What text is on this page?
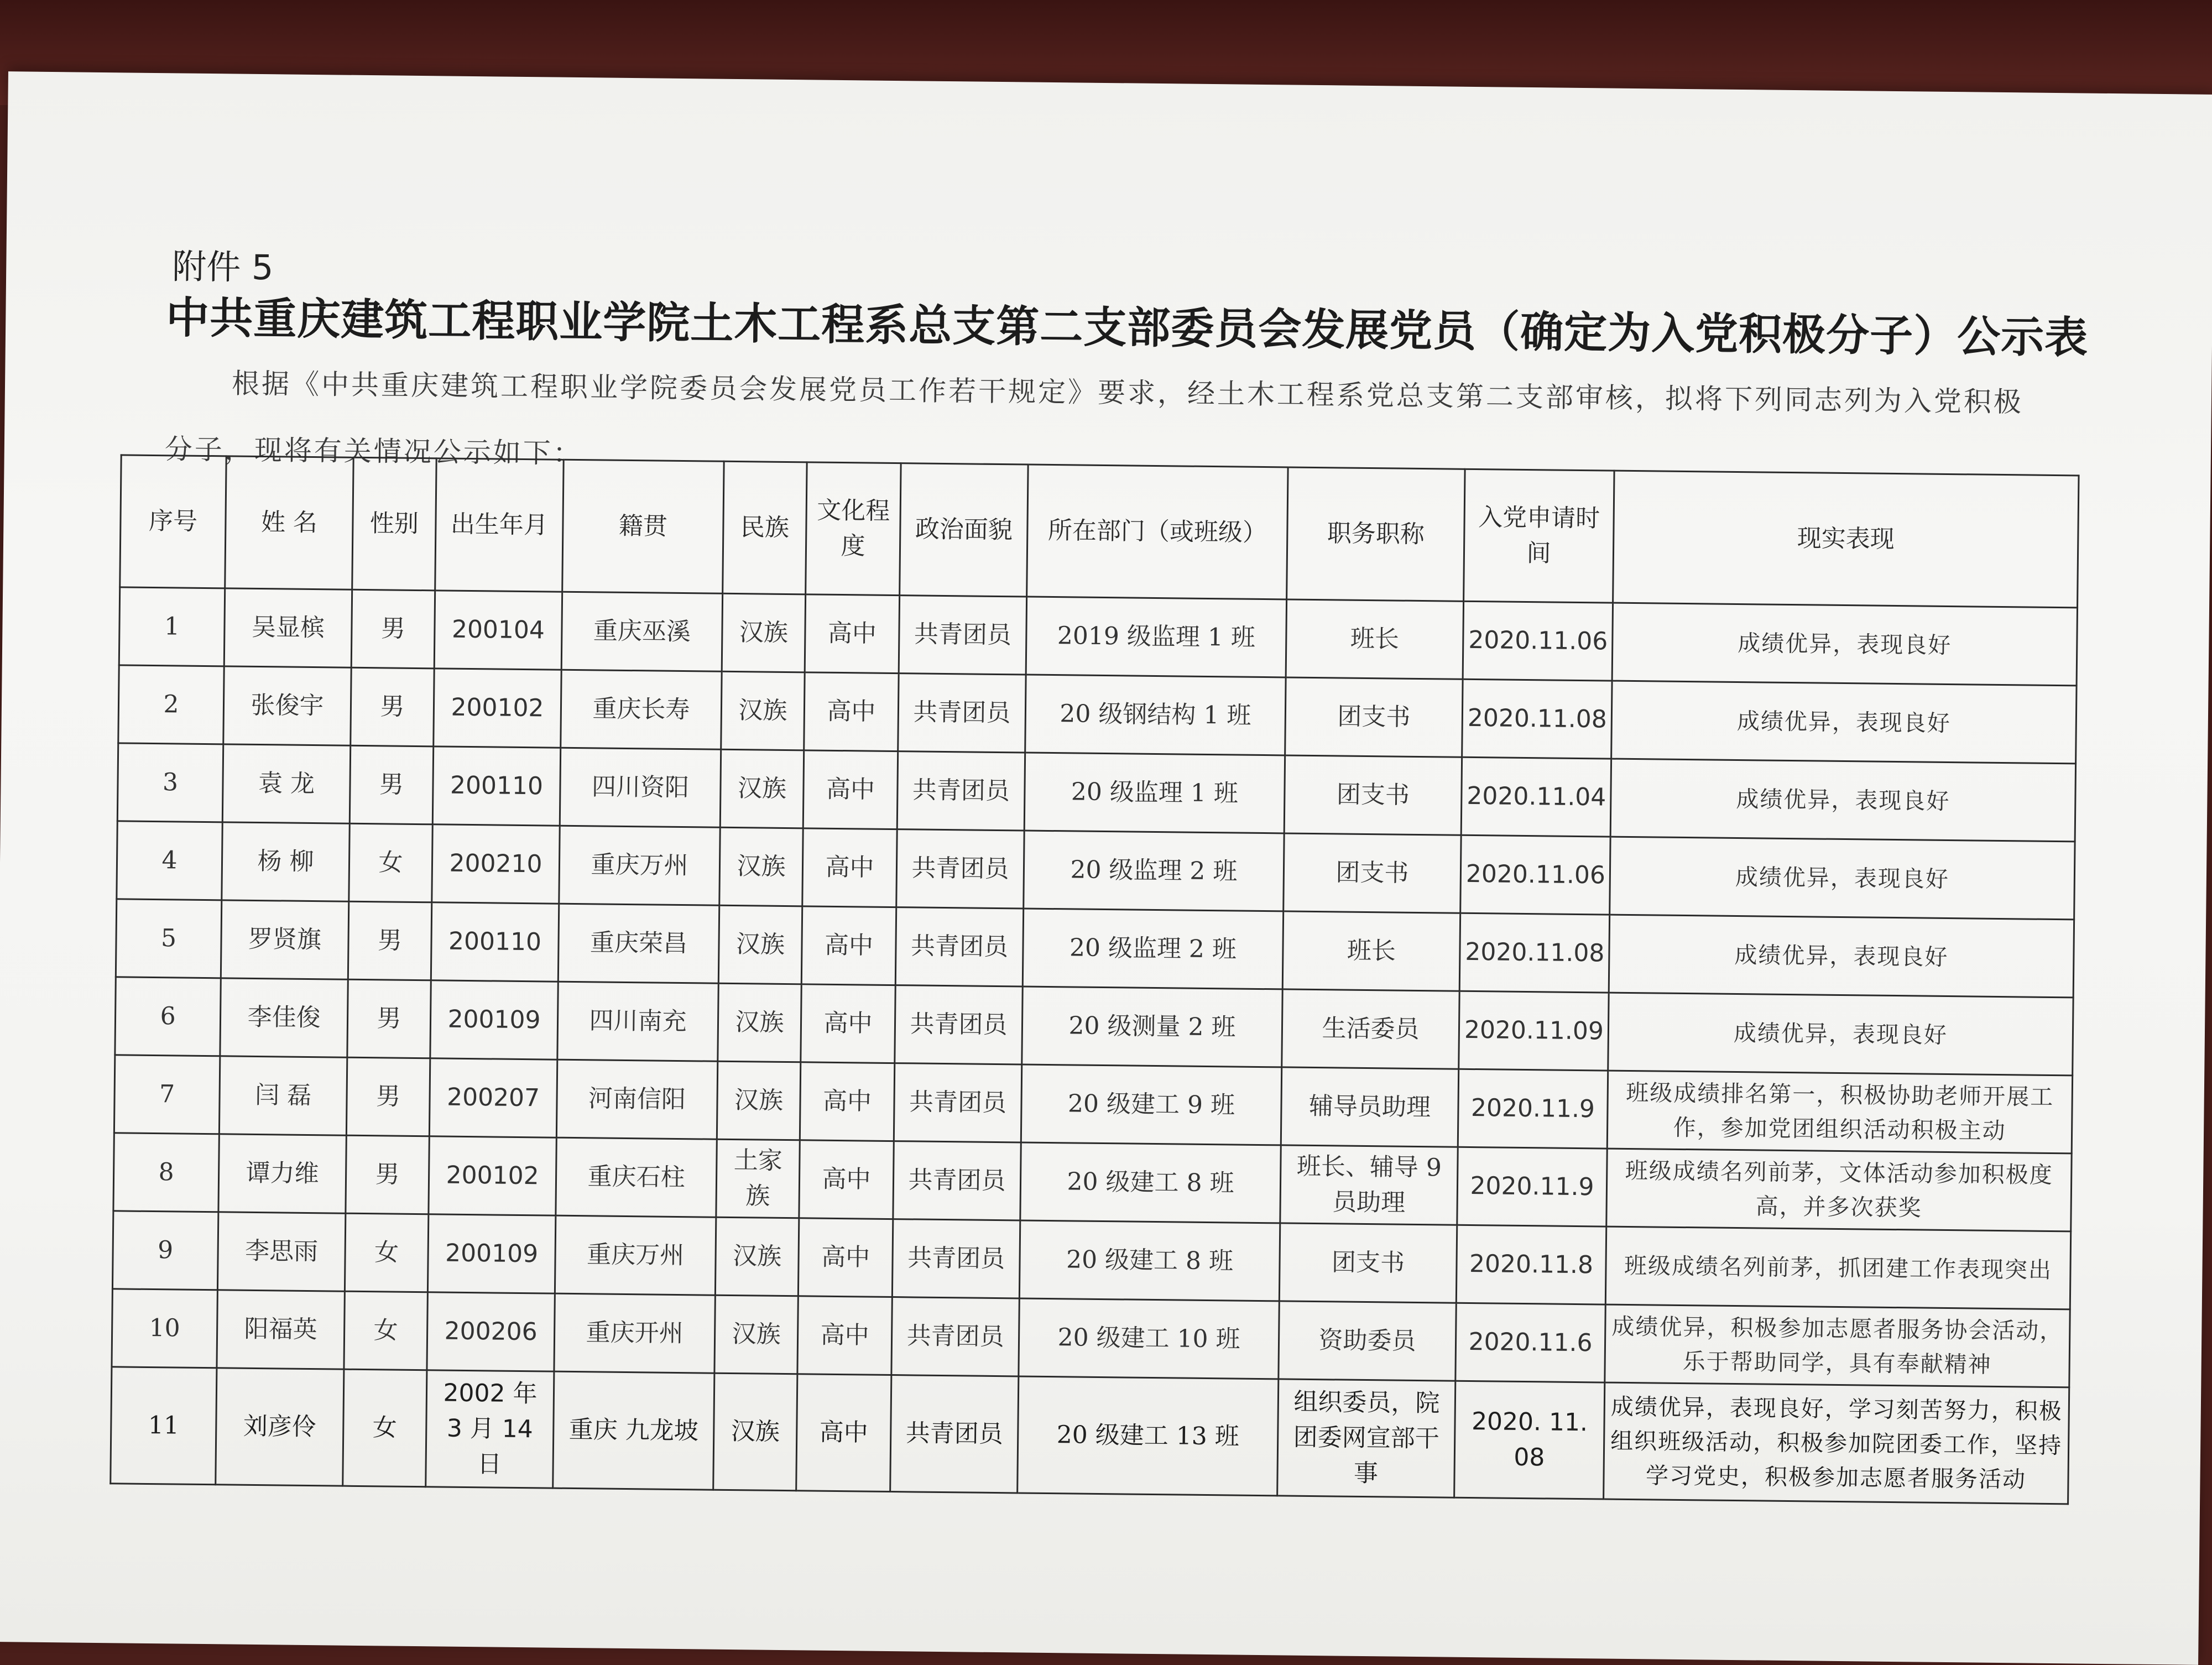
附件 5
中共重庆建筑工程职业学院土木工程系总支第二支部委员会发展党员（确定为入党积极分子）公示表
根据《中共重庆建筑工程职业学院委员会发展党员工作若干规定》要求，经土木工程系党总支第二支部审核，拟将下列同志列为入党积极分子，现将有关情况公示如下：
序号	姓 名	性别	出生年月	籍贯	民族	文化程度	政治面貌	所在部门（或班级）	职务职称	入党申请时间	现实表现
1	吴显槟	男	200104	重庆巫溪	汉族	高中	共青团员	2019 级监理 1 班	班长	2020.11.06	成绩优异，表现良好
2	张俊宇	男	200102	重庆长寿	汉族	高中	共青团员	20 级钢结构 1 班	团支书	2020.11.08	成绩优异，表现良好
3	袁 龙	男	200110	四川资阳	汉族	高中	共青团员	20 级监理 1 班	团支书	2020.11.04	成绩优异，表现良好
4	杨 柳	女	200210	重庆万州	汉族	高中	共青团员	20 级监理 2 班	团支书	2020.11.06	成绩优异，表现良好
5	罗贤旗	男	200110	重庆荣昌	汉族	高中	共青团员	20 级监理 2 班	班长	2020.11.08	成绩优异，表现良好
6	李佳俊	男	200109	四川南充	汉族	高中	共青团员	20 级测量 2 班	生活委员	2020.11.09	成绩优异，表现良好
7	闫 磊	男	200207	河南信阳	汉族	高中	共青团员	20 级建工 9 班	辅导员助理	2020.11.9	班级成绩排名第一，积极协助老师开展工作，参加党团组织活动积极主动
8	谭力维	男	200102	重庆石柱	土家族	高中	共青团员	20 级建工 8 班	班长、辅导 9 员助理	2020.11.9	班级成绩名列前茅，文体活动参加积极度高，并多次获奖
9	李思雨	女	200109	重庆万州	汉族	高中	共青团员	20 级建工 8 班	团支书	2020.11.8	班级成绩名列前茅，抓团建工作表现突出
10	阳福英	女	200206	重庆开州	汉族	高中	共青团员	20 级建工 10 班	资助委员	2020.11.6	成绩优异，积极参加志愿者服务协会活动，乐于帮助同学，具有奉献精神
11	刘彦伶	女	2002 年 3 月 14 日	重庆 九龙坡	汉族	高中	共青团员	20 级建工 13 班	组织委员，院团委网宣部干事	2020. 11. 08	成绩优异，表现良好，学习刻苦努力，积极组织班级活动，积极参加院团委工作，坚持学习党史，积极参加志愿者服务活动
